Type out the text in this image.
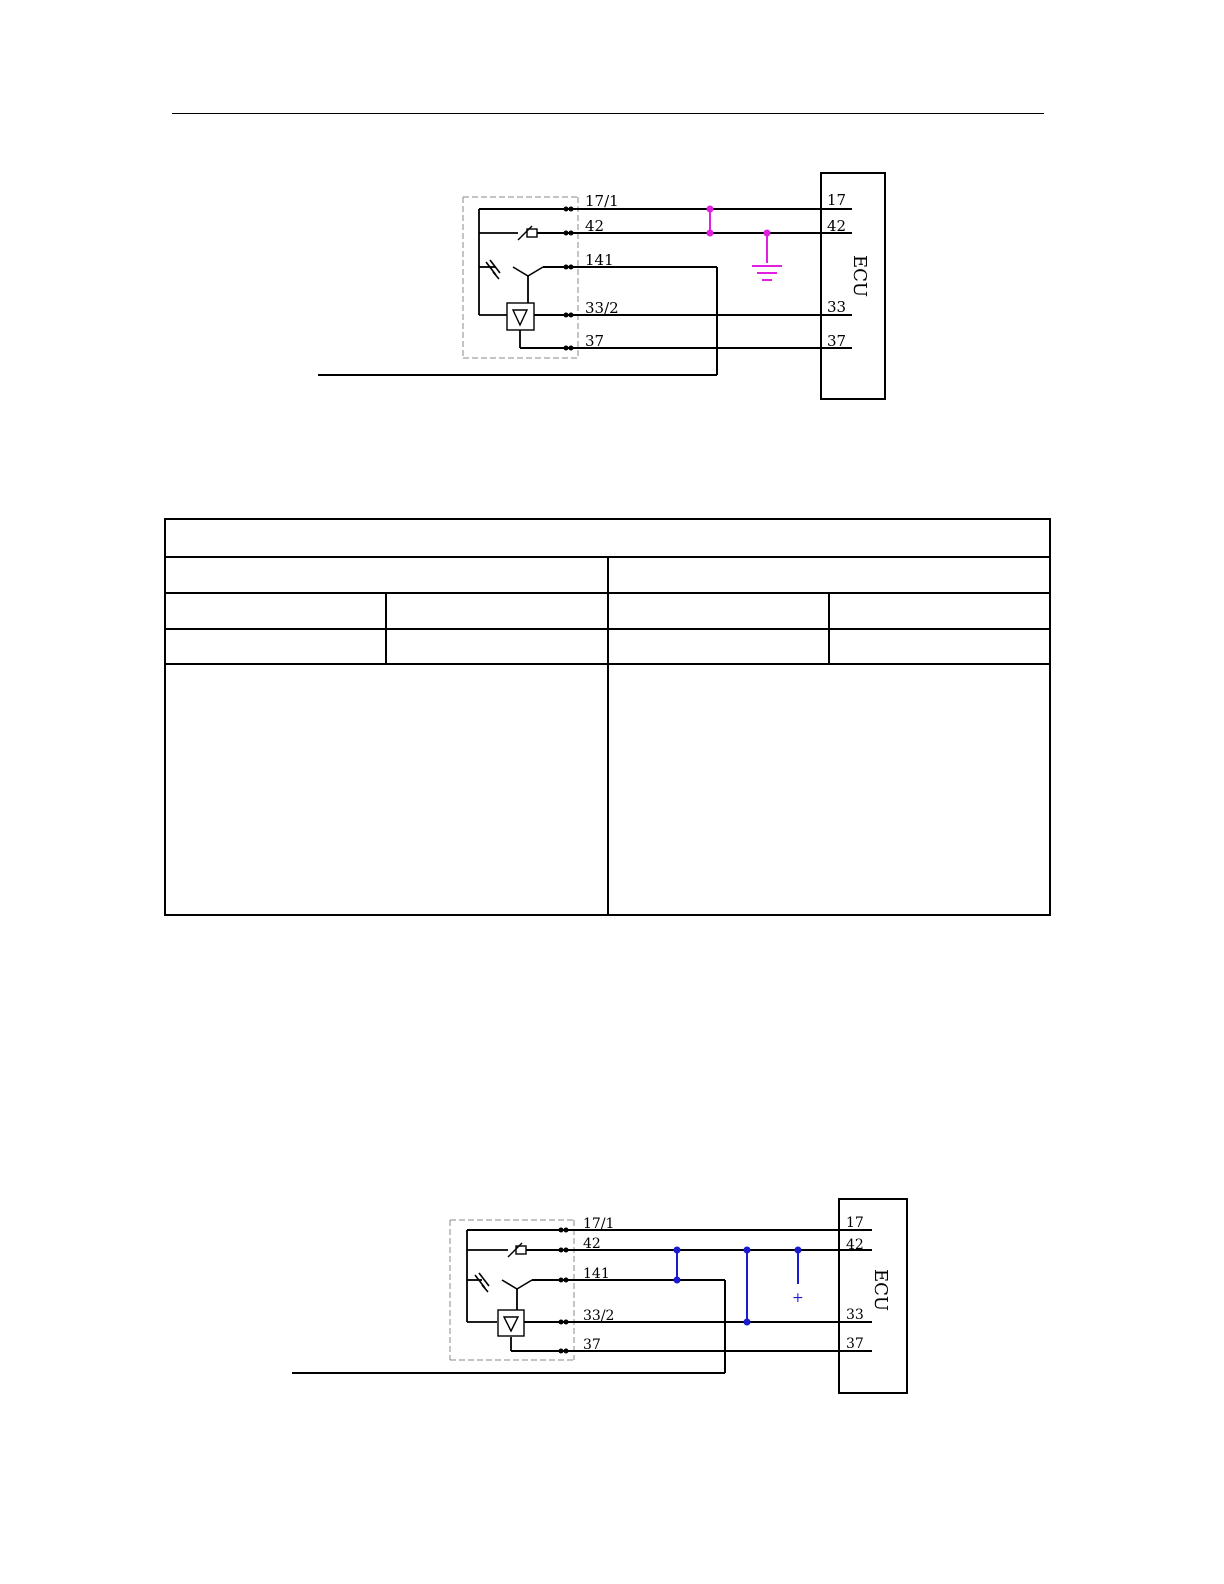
17/1
42
141
33/2
37
17
42
33
37
ECU

17/1
42
141
33/2
37
17
42
33
37
ECU
+
